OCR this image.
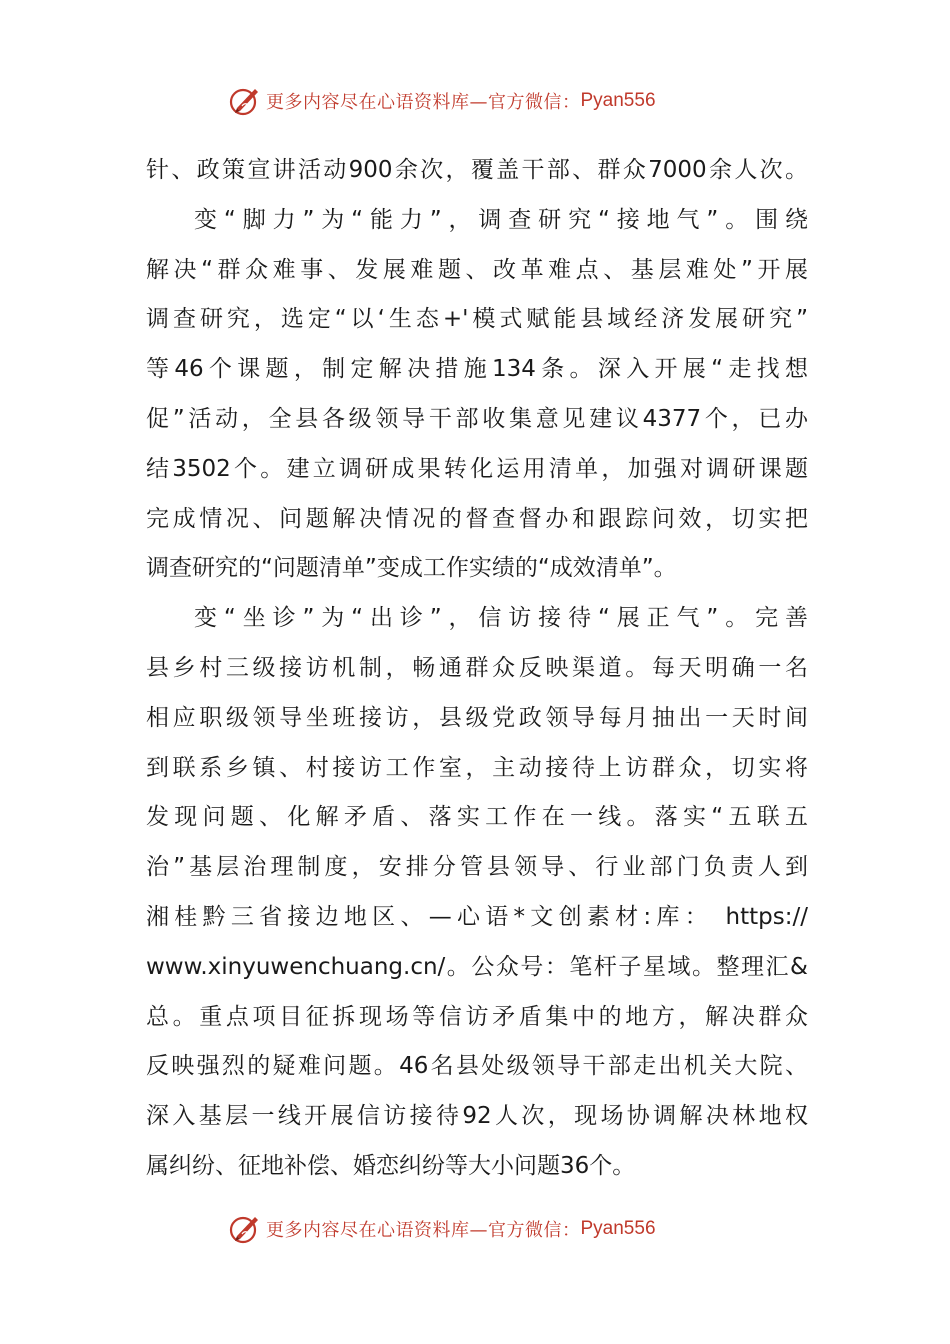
更多内容尽在心语资料库—官方微信： Pyan556
针、政策宣讲活动900余次，覆盖干部、群众7000余人次。
变“脚力”为“能力”，调查研究“接地气”。围绕
解决“群众难事、发展难题、改革难点、基层难处”开展
调查研究，选定“以‘生态+'模式赋能县域经济发展研究”
等46个课题，制定解决措施134条。深入开展“走找想
促”活动，全县各级领导干部收集意见建议4377个，已办
结3502个。建立调研成果转化运用清单，加强对调研课题
完成情况、问题解决情况的督查督办和跟踪问效，切实把
调查研究的“问题清单”变成工作实绩的“成效清单”。
变“坐诊”为“出诊”，信访接待“展正气”。完善
县乡村三级接访机制，畅通群众反映渠道。每天明确一名
相应职级领导坐班接访，县级党政领导每月抽出一天时间
到联系乡镇、村接访工作室，主动接待上访群众，切实将
发现问题、化解矛盾、落实工作在一线。落实“五联五
治”基层治理制度，安排分管县领导、行业部门负责人到
湘桂黔三省接边地区、—心语*文创素材:库： https://
www.xinyuwenchuang.cn/。公众号：笔杆子星域。整理汇&
总。重点项目征拆现场等信访矛盾集中的地方，解决群众
反映强烈的疑难问题。46名县处级领导干部走出机关大院、
深入基层一线开展信访接待92人次，现场协调解决林地权
属纠纷、征地补偿、婚恋纠纷等大小问题36个。
更多内容尽在心语资料库—官方微信： Pyan556
